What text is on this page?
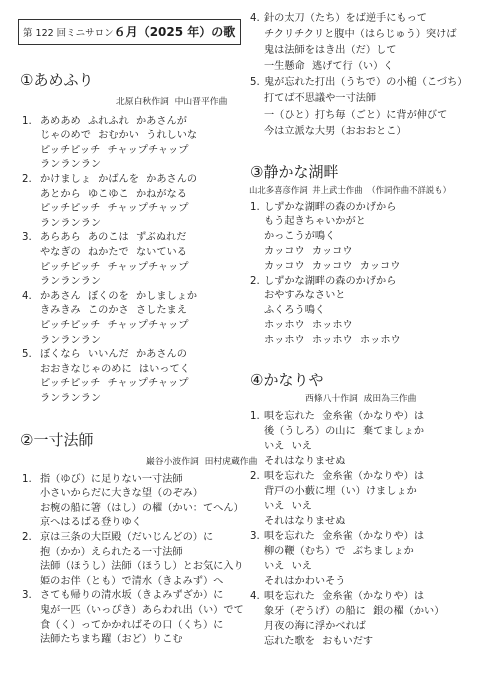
第 122 回ミニサロン６月（2025 年）の歌
①あめふり
北原白秋作詞 中山晋平作曲
1. あめあめ ふれふれ かあさんが
じゃのめで おむかい うれしいな
ピッチピッチ チャップチャップ
ランランラン
2. かけましょ かばんを かあさんの
あとから ゆこゆこ かねがなる
ピッチピッチ チャップチャップ
ランランラン
3. あらあら あのこは ずぶぬれだ
やなぎの ねかたで ないている
ピッチピッチ チャップチャップ
ランランラン
4. かあさん ぼくのを かしましょか
きみきみ このかさ さしたまえ
ピッチピッチ チャップチャップ
ランランラン
5. ぼくなら いいんだ かあさんの
おおきなじゃのめに はいってく
ピッチピッチ チャップチャップ
ランランラン
②一寸法師
巌谷小波作詞 田村虎蔵作曲
1. 指（ゆび）に足りない一寸法師
小さいからだに大きな望（のぞみ）
お椀の船に箸（はし）の櫂（かい：てへん）
京へはるばる登りゆく
2. 京は三条の大臣殿（だいじんどの）に
抱（かか）えられたる一寸法師
法師（ほうし）法師（ほうし）とお気に入り
姫のお伴（とも）で清水（きよみず）へ
3. さても帰りの清水坂（きよみずざか）に
鬼が一匹（いっぴき）あらわれ出（い）でて
食（く）ってかかればその口（くち）に
法師たちまち躍（おど）りこむ
4. 針の太刀（たち）をば逆手にもって
チクリチクリと腹中（はらじゅう）突けば
鬼は法師をはき出（だ）して
一生懸命 逃げて行（い）く
5. 鬼が忘れた打出（うちで）の小槌（こづち）
打てば不思議や一寸法師
一（ひと）打ち毎（ごと）に背が伸びて
今は立派な大男（おおおとこ）
③静かな湖畔
山北多喜彦作詞 井上武士作曲 （作詞作曲不詳説も）
1. しずかな湖畔の森のかげから
もう起きちゃいかがと
かっこうが鳴く
カッコウ カッコウ
カッコウ カッコウ カッコウ
2. しずかな湖畔の森のかげから
おやすみなさいと
ふくろう鳴く
ホッホウ ホッホウ
ホッホウ ホッホウ ホッホウ
④かなりや
西條八十作詞 成田為三作曲
1. 唄を忘れた 金糸雀（かなりや）は
後（うしろ）の山に 棄てましょか
いえ いえ
それはなりませぬ
2. 唄を忘れた 金糸雀（かなりや）は
背戸の小藪に埋（い）けましょか
いえ いえ
それはなりませぬ
3. 唄を忘れた 金糸雀（かなりや）は
柳の鞭（むち）で ぶちましょか
いえ いえ
それはかわいそう
4. 唄を忘れた 金糸雀（かなりや）は
象牙（ぞうげ）の船に 銀の櫂（かい）
月夜の海に浮かべれば
忘れた歌を おもいだす
